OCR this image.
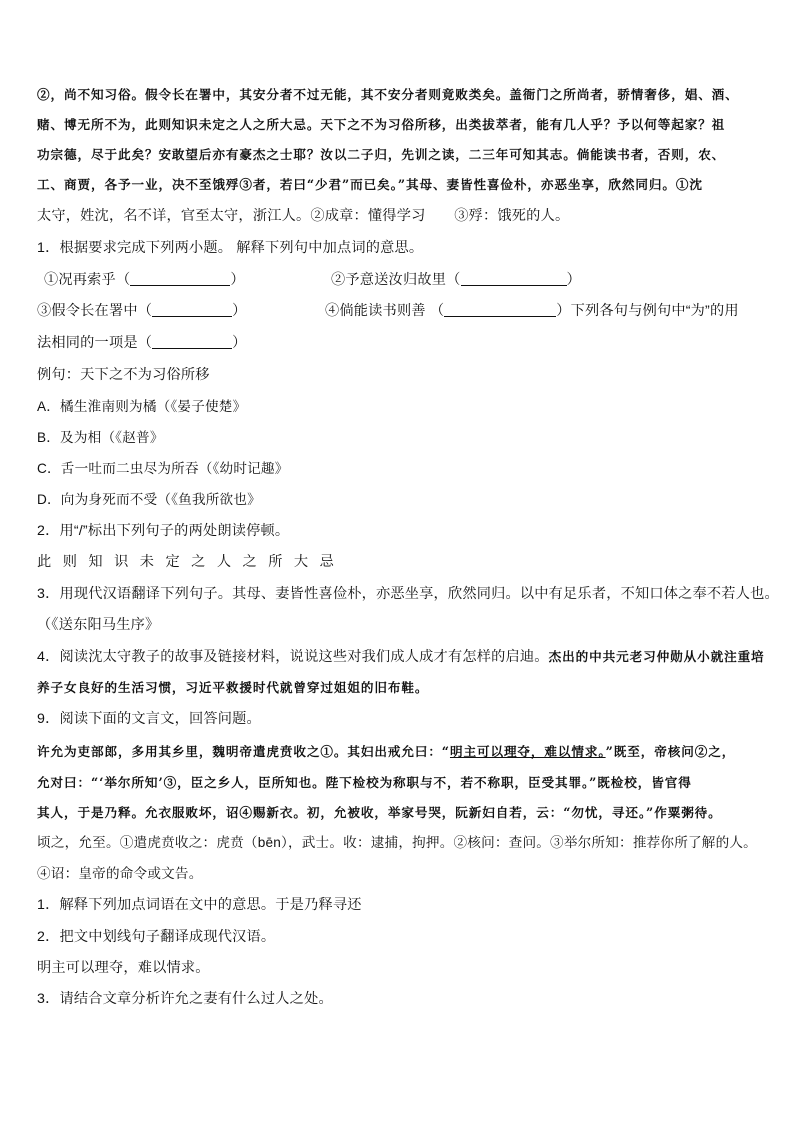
②，尚不知习俗。假令长在署中，其安分者不过无能，其不安分者则竟败类矣。盖衙门之所尚者，骄情奢侈，娼、酒、
赌、博无所不为，此则知识未定之人之所大忌。天下之不为习俗所移，出类拔萃者，能有几人乎？予以何等起家？祖
功宗德，尽于此矣？安敢望后亦有豪杰之士耶？汝以二子归，先训之读，二三年可知其志。倘能读书者，否则，农、
工、商贾，各予一业，决不至饿殍③者，若曰“少君”而已矣。”其母、妻皆性喜俭朴，亦恶坐享，欣然同归。①沈
太守，姓沈，名不详，官至太守，浙江人。②成章：懂得学习　　③殍：饿死的人。
1．根据要求完成下列两小题。 解释下列句中加点词的意思。
①况再索乎（	）	②予意送汝归故里（	）
③假令长在署中（	）	④倘能读书则善 （	）下列各句与例句中“为”的用
法相同的一项是（	）
例句：天下之不为习俗所移
A．橘生淮南则为橘（《晏子使楚》
B．及为相（《赵普》
C．舌一吐而二虫尽为所吞（《幼时记趣》
D．向为身死而不受（《鱼我所欲也》
2．用“/”标出下列句子的两处朗读停顿。
此则知识未定之人之所大忌
3．用现代汉语翻译下列句子。其母、妻皆性喜俭朴，亦恶坐享，欣然同归。以中有足乐者，不知口体之奉不若人也。
（《送东阳马生序》
4．阅读沈太守教子的故事及链接材料，说说这些对我们成人成才有怎样的启迪。杰出的中共元老习仲勋从小就注重培
养子女良好的生活习惯，习近平救援时代就曾穿过姐姐的旧布鞋。
9．阅读下面的文言文，回答问题。
许允为吏部郎，多用其乡里，魏明帝遣虎贲收之①。其妇出戒允曰：“明主可以理夺，难以情求。”既至，帝核问②之，
允对曰：“‘举尔所知’③，臣之乡人，臣所知也。陛下检校为称职与不，若不称职，臣受其罪。”既检校，皆官得
其人，于是乃释。允衣服败坏，诏④赐新衣。初，允被收，举家号哭，阮新妇自若，云：“勿忧，寻还。”作粟粥待。
顷之，允至。①遣虎贲收之：虎贲（bēn），武士。收：逮捕，拘押。②核问：查问。③举尔所知：推荐你所了解的人。
④诏：皇帝的命令或文告。
1．解释下列加点词语在文中的意思。于是乃释寻还
2．把文中划线句子翻译成现代汉语。
明主可以理夺，难以情求。
3．请结合文章分析许允之妻有什么过人之处。
